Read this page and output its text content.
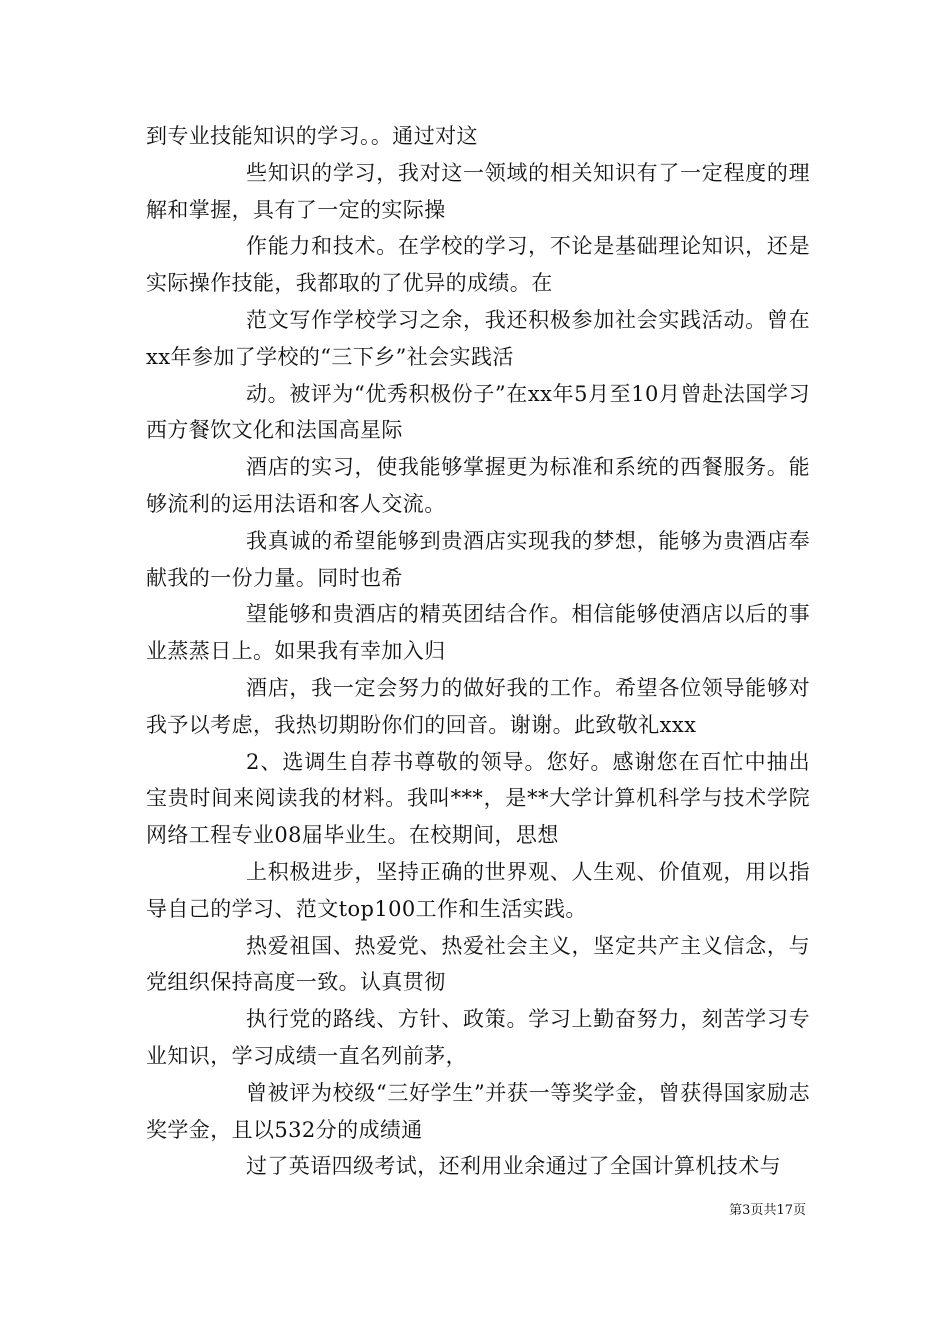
到专业技能知识的学习。。通过对这

些知识的学习，我对这一领域的相关知识有了一定程度的理解和掌握，具有了一定的实际操

作能力和技术。在学校的学习，不论是基础理论知识，还是实际操作技能，我都取的了优异的成绩。在

范文写作学校学习之余，我还积极参加社会实践活动。曾在xx年参加了学校的“三下乡”社会实践活

动。被评为“优秀积极份子”在xx年5月至10月曾赴法国学习西方餐饮文化和法国高星际

酒店的实习，使我能够掌握更为标准和系统的西餐服务。能够流利的运用法语和客人交流。

我真诚的希望能够到贵酒店实现我的梦想，能够为贵酒店奉献我的一份力量。同时也希

望能够和贵酒店的精英团结合作。相信能够使酒店以后的事业蒸蒸日上。如果我有幸加入归

酒店，我一定会努力的做好我的工作。希望各位领导能够对我予以考虑，我热切期盼你们的回音。谢谢。此致敬礼xxx

2、选调生自荐书尊敬的领导。您好。感谢您在百忙中抽出宝贵时间来阅读我的材料。我叫***，是**大学计算机科学与技术学院网络工程专业08届毕业生。在校期间，思想

上积极进步，坚持正确的世界观、人生观、价值观，用以指导自己的学习、范文top100工作和生活实践。

热爱祖国、热爱党、热爱社会主义，坚定共产主义信念，与党组织保持高度一致。认真贯彻

执行党的路线、方针、政策。学习上勤奋努力，刻苦学习专业知识，学习成绩一直名列前茅，

曾被评为校级“三好学生”并获一等奖学金，曾获得国家励志奖学金，且以532分的成绩通

过了英语四级考试，还利用业余通过了全国计算机技术与

第3页共17页
